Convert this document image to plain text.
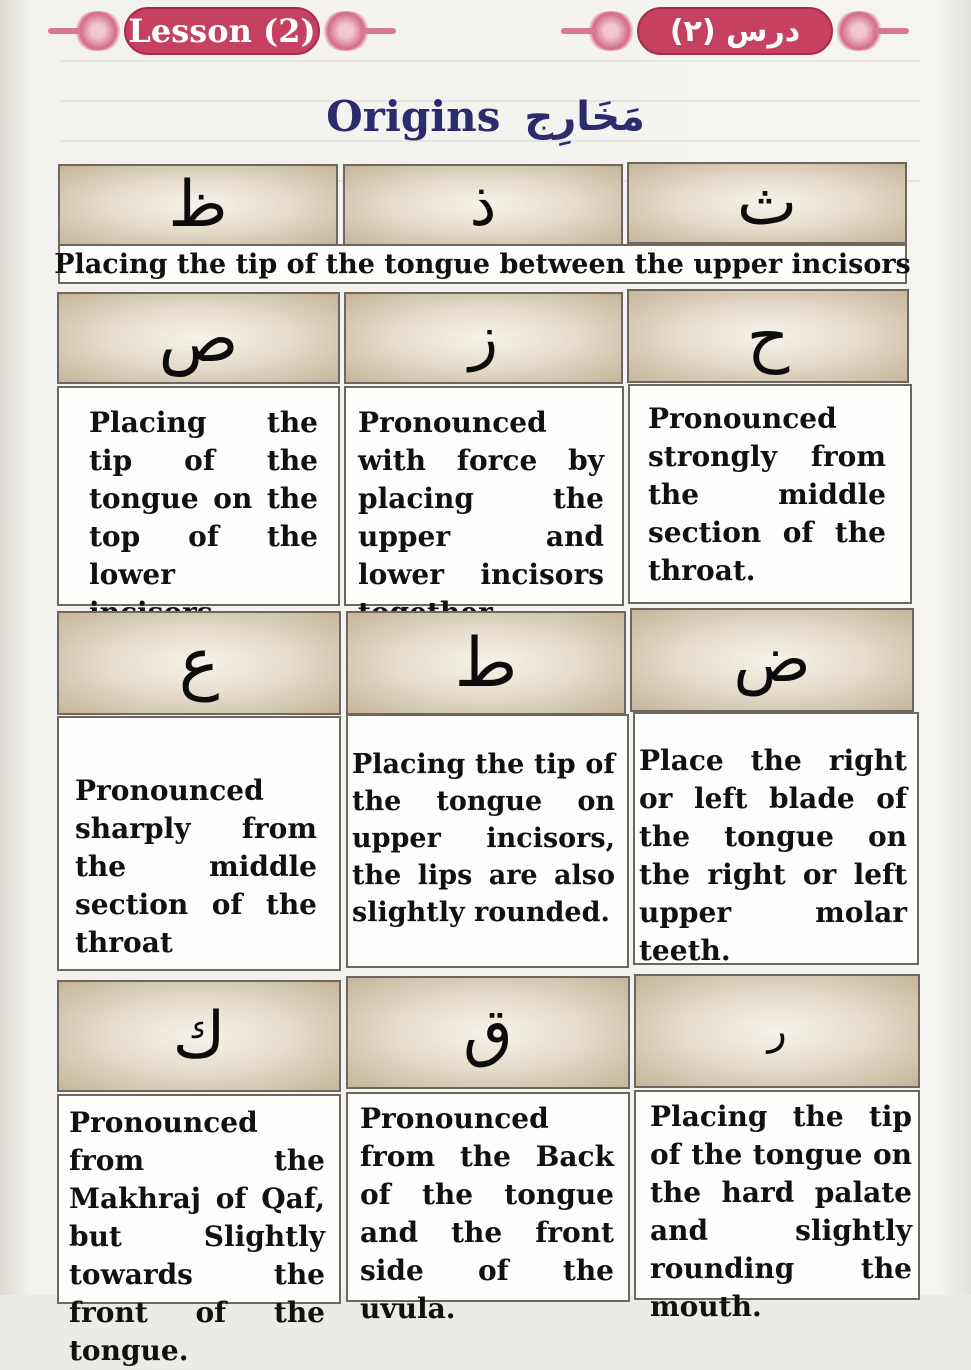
Lesson (2)	درس (٢)
Origins مَخَارِج
ظ	ذ	ث
Placing the tip of the tongue between the upper incisors
ص	ز	ح
Placing the tip of the tongue on the top of the lower
Pronounced with force by placing the upper and lower incisors
Pronounced strongly from the middle section of the throat.
ع	ط	ض
Pronounced sharply from the middle section of the throat
Placing the tip of the tongue on upper incisors, the lips are also slightly rounded.
Place the right or left blade of the tongue on the right or left upper molar teeth.
ك	ق	ر
Pronounced from the Makhraj of Qaf, but Slightly towards the front of the tongue.
Pronounced from the Back of the tongue and the front side of the uvula.
Placing the tip of the tongue on the hard palate and slightly rounding the mouth.
